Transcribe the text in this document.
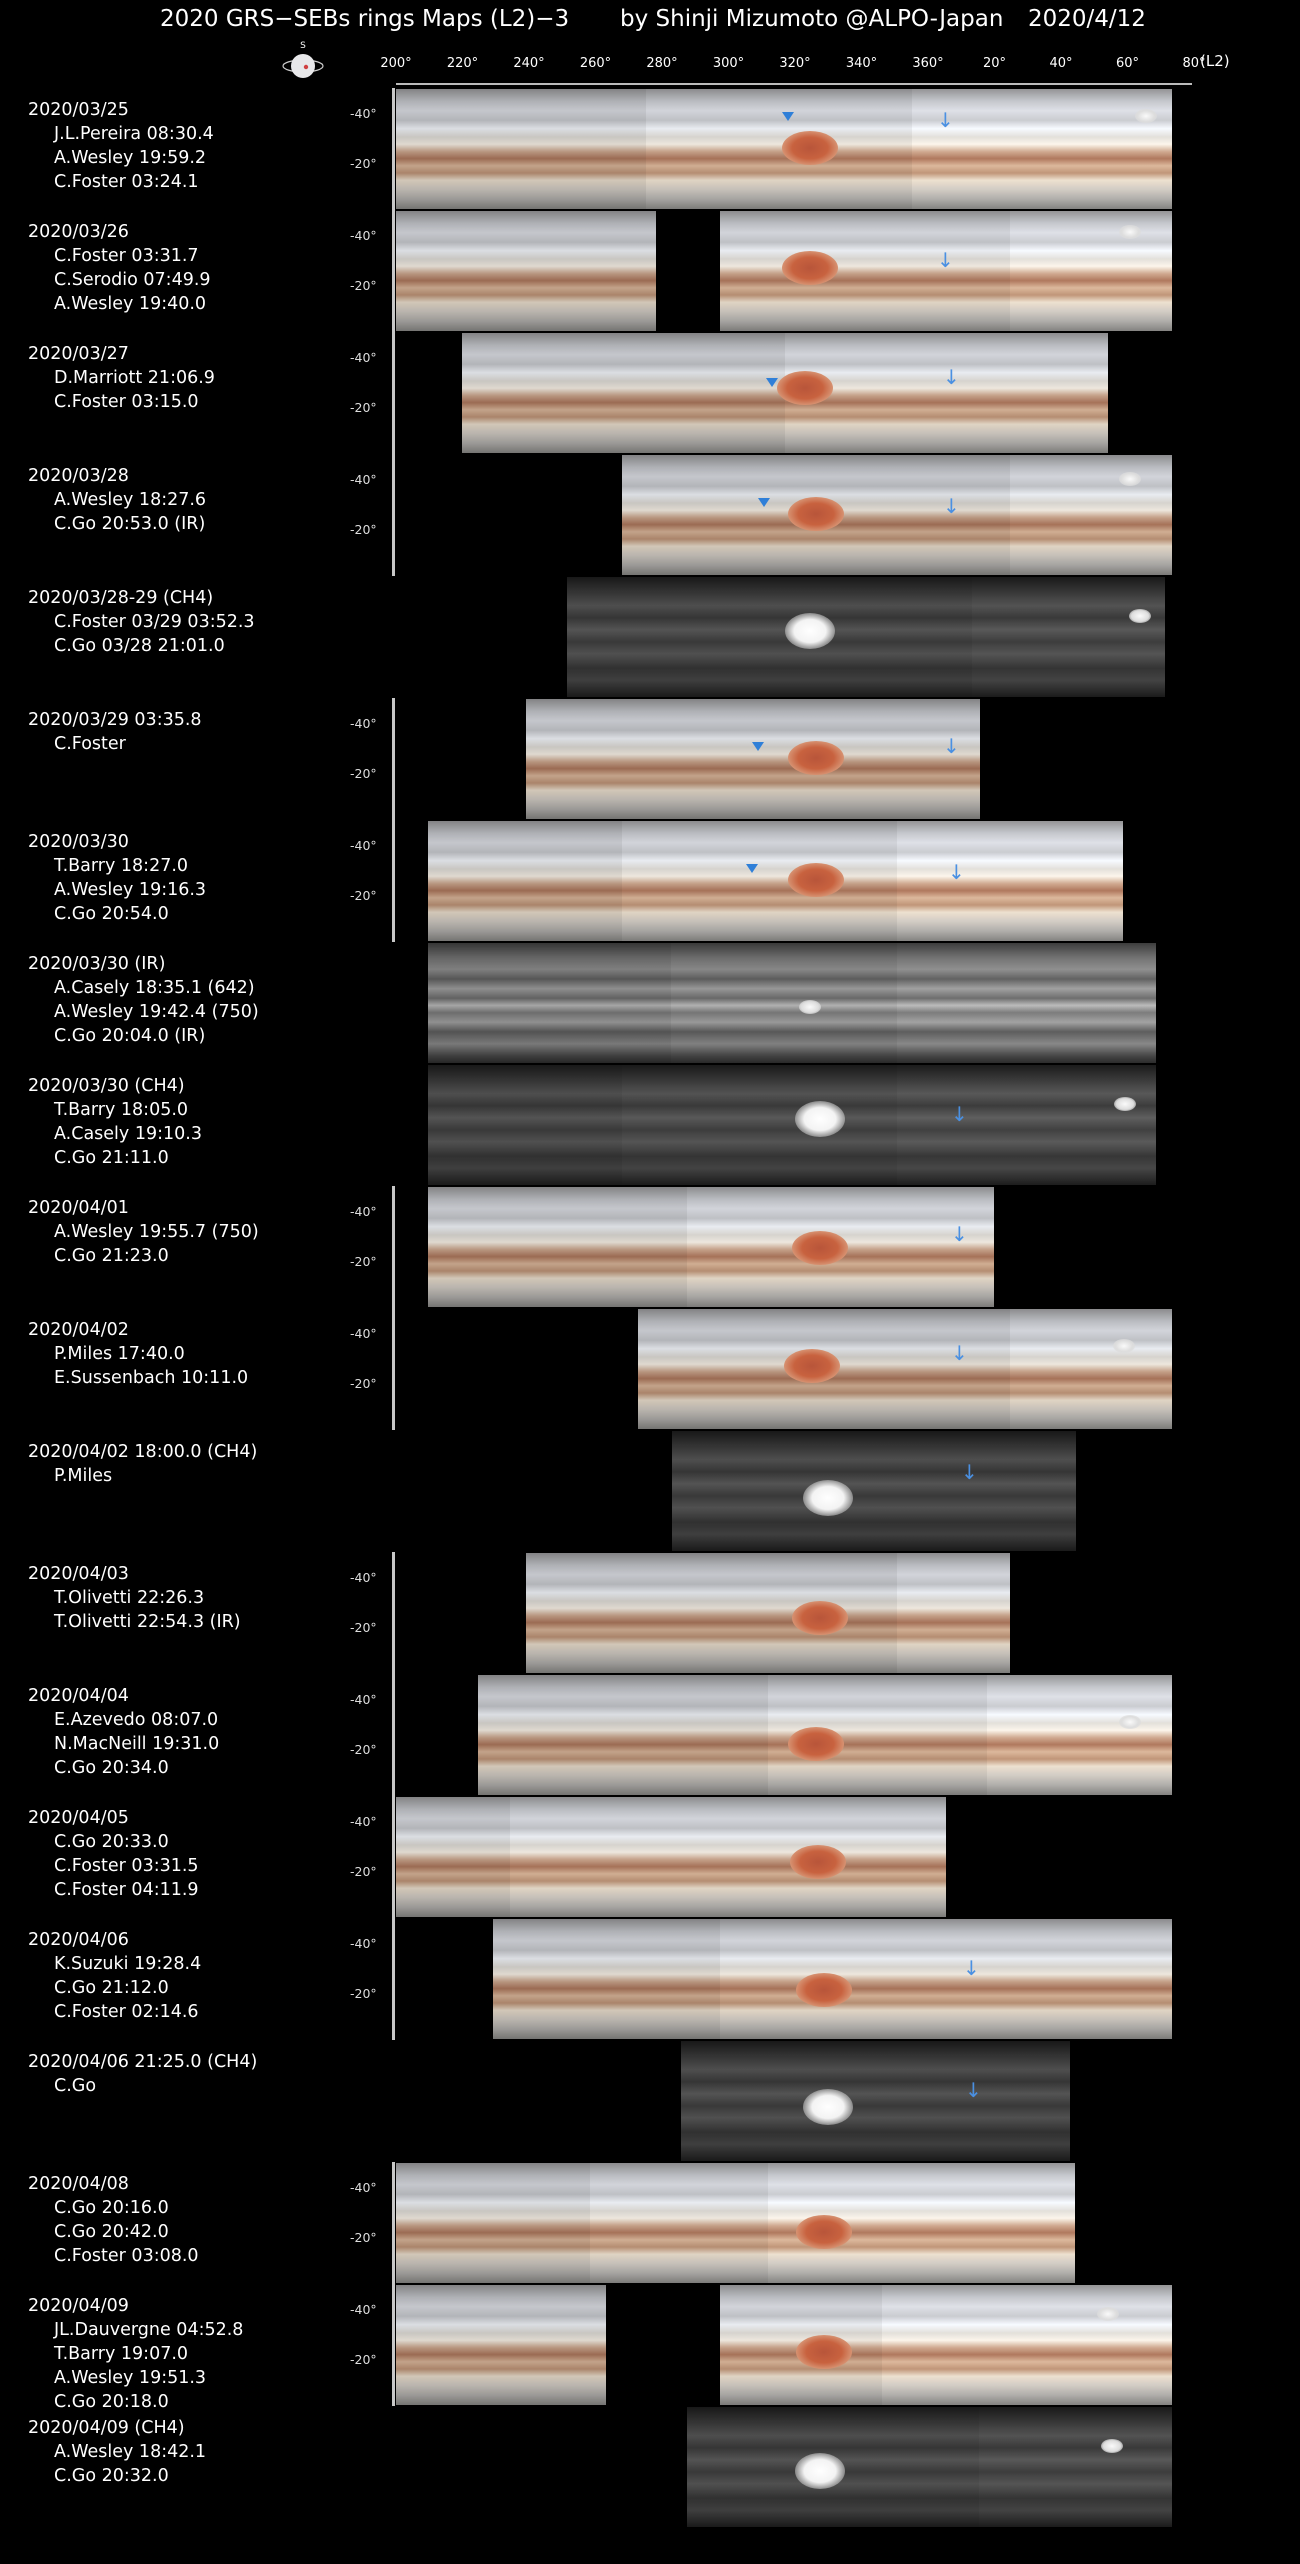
2020 GRS−SEBs rings Maps (L2)−3 by Shinji Mizumoto @ALPO-Japan 2020/4/12
S
200°	220°	240°	260°	280°	300°	320°	340°	360°	20°	40°	60°	80°
(L2)
2020/03/25
J.L.Pereira 08:30.4
A.Wesley 19:59.2
C.Foster 03:24.1
-40°
-20°
↓
2020/03/26
C.Foster 03:31.7
C.Serodio 07:49.9
A.Wesley 19:40.0
-40°
-20°
↓
2020/03/27
D.Marriott 21:06.9
C.Foster 03:15.0
-40°
-20°
↓
2020/03/28
A.Wesley 18:27.6
C.Go 20:53.0 (IR)
-40°
-20°
↓
2020/03/28-29 (CH4)
C.Foster 03/29 03:52.3
C.Go 03/28 21:01.0
2020/03/29 03:35.8
C.Foster
-40°
-20°
↓
2020/03/30
T.Barry 18:27.0
A.Wesley 19:16.3
C.Go 20:54.0
-40°
-20°
↓
2020/03/30 (IR)
A.Casely 18:35.1 (642)
A.Wesley 19:42.4 (750)
C.Go 20:04.0 (IR)
2020/03/30 (CH4)
T.Barry 18:05.0
A.Casely 19:10.3
C.Go 21:11.0
↓
2020/04/01
A.Wesley 19:55.7 (750)
C.Go 21:23.0
-40°
-20°
↓
2020/04/02
P.Miles 17:40.0
E.Sussenbach 10:11.0
-40°
-20°
↓
2020/04/02 18:00.0 (CH4)
P.Miles	↓
2020/04/03
T.Olivetti 22:26.3
T.Olivetti 22:54.3 (IR)
-40°
-20°
2020/04/04
E.Azevedo 08:07.0
N.MacNeill 19:31.0
C.Go 20:34.0
-40°
-20°
2020/04/05
C.Go 20:33.0
C.Foster 03:31.5
C.Foster 04:11.9
-40°
-20°
2020/04/06
K.Suzuki 19:28.4
C.Go 21:12.0
C.Foster 02:14.6
-40°
-20°
↓
2020/04/06 21:25.0 (CH4)
C.Go	↓
2020/04/08
C.Go 20:16.0
C.Go 20:42.0
C.Foster 03:08.0
-40°
-20°
2020/04/09
JL.Dauvergne 04:52.8
T.Barry 19:07.0
A.Wesley 19:51.3
C.Go 20:18.0
-40°
-20°
2020/04/09 (CH4)
A.Wesley 18:42.1
C.Go 20:32.0
